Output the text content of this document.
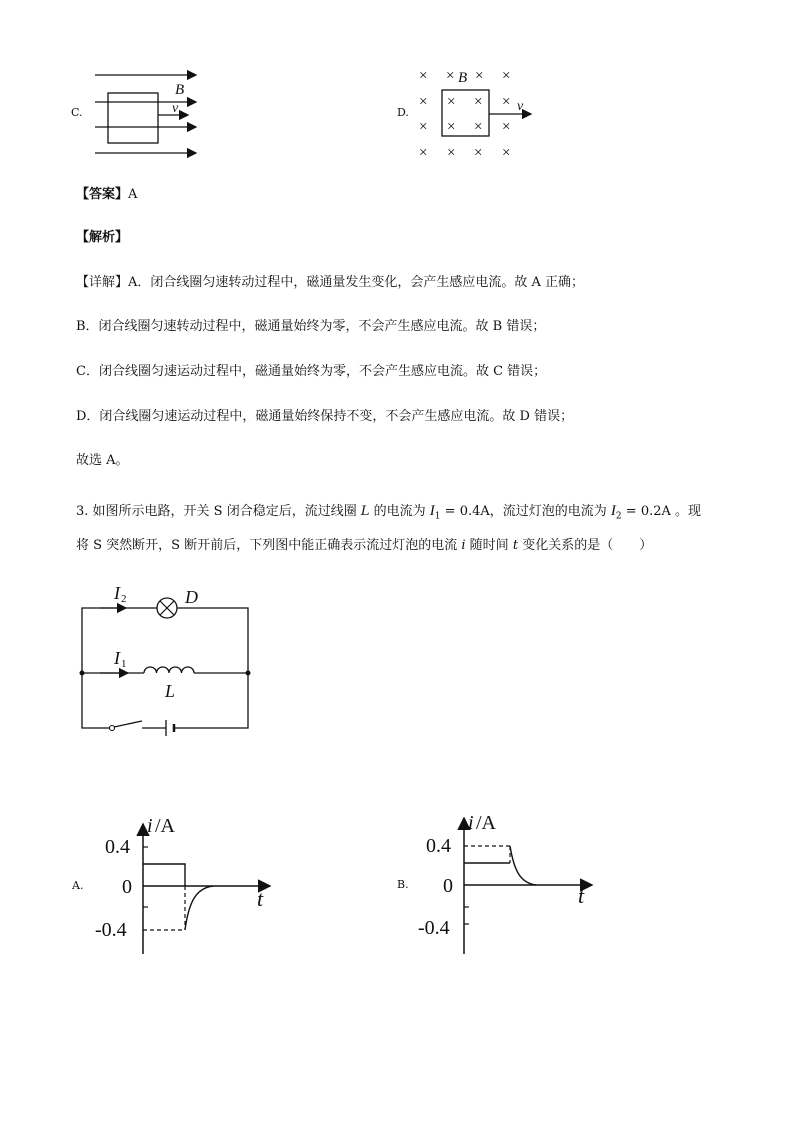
C.
B
v	D.
× × × ×
× × × ×
× × × ×
× × × ×
B
v
【答案】A
【解析】
【详解】A．闭合线圈匀速转动过程中，磁通量发生变化，会产生感应电流。故 A 正确；
B．闭合线圈匀速转动过程中，磁通量始终为零，不会产生感应电流。故 B 错误；
C．闭合线圈匀速运动过程中，磁通量始终为零，不会产生感应电流。故 C 错误；
D．闭合线圈匀速运动过程中，磁通量始终保持不变，不会产生感应电流。故 D 错误；
故选 A。
3. 如图所示电路，开关 S 闭合稳定后，流过线圈 L 的电流为 $I_1 = 0.4A$，流过灯泡的电流为 $I_2 = 0.2A$ 。现
将 S 突然断开，S 断开前后，下列图中能正确表示流过灯泡的电流 i 随时间 t 变化关系的是（　　）
I 2	D
I 1
L
A.
i /A
t
0.4
0
-0.4
B.
i /A
t
0.4
0
-0.4
